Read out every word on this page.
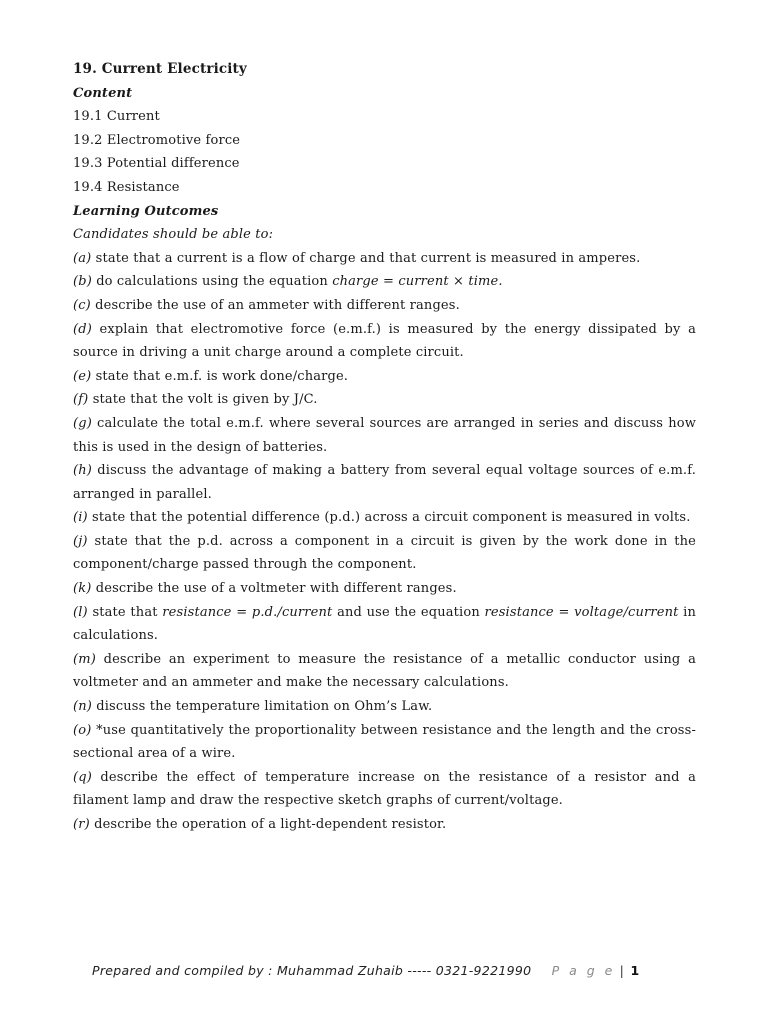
19. Current Electricity

Content

19.1 Current

19.2 Electromotive force

19.3 Potential difference

19.4 Resistance

Learning Outcomes

Candidates should be able to:

(a) state that a current is a flow of charge and that current is measured in amperes.

(b) do calculations using the equation charge = current × time.

(c) describe the use of an ammeter with different ranges.

(d) explain that electromotive force (e.m.f.) is measured by the energy dissipated by a source in driving a unit charge around a complete circuit.

(e) state that e.m.f. is work done/charge.

(f) state that the volt is given by J/C.

(g) calculate the total e.m.f. where several sources are arranged in series and discuss how this is used in the design of batteries.

(h) discuss the advantage of making a battery from several equal voltage sources of e.m.f. arranged in parallel.

(i) state that the potential difference (p.d.) across a circuit component is measured in volts.

(j) state that the p.d. across a component in a circuit is given by the work done in the component/charge passed through the component.

(k) describe the use of a voltmeter with different ranges.

(l) state that resistance = p.d./current and use the equation resistance = voltage/current in calculations.

(m) describe an experiment to measure the resistance of a metallic conductor using a voltmeter and an ammeter and make the necessary calculations.

(n) discuss the temperature limitation on Ohm’s Law.

(o) *use quantitatively the proportionality between resistance and the length and the cross-sectional area of a wire.

(q) describe the effect of temperature increase on the resistance of a resistor and a filament lamp and draw the respective sketch graphs of current/voltage.

(r) describe the operation of a light-dependent resistor.

Prepared and compiled by : Muhammad Zuhaib ----- 0321-9221990 P a g e | 1
